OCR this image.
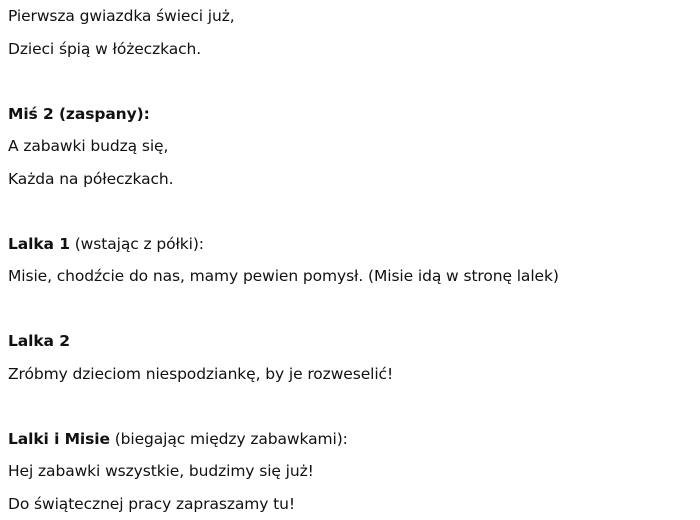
Pierwsza gwiazdka świeci już,
Dzieci śpią w łóżeczkach.
Miś 2 (zaspany):
A zabawki budzą się,
Każda na półeczkach.
Lalka 1 (wstając z półki):
Misie, chodźcie do nas, mamy pewien pomysł. (Misie idą w stronę lalek)
Lalka 2
Zróbmy dzieciom niespodziankę, by je rozweselić!
Lalki i Misie (biegając między zabawkami):
Hej zabawki wszystkie, budzimy się już!
Do świątecznej pracy zapraszamy tu!
